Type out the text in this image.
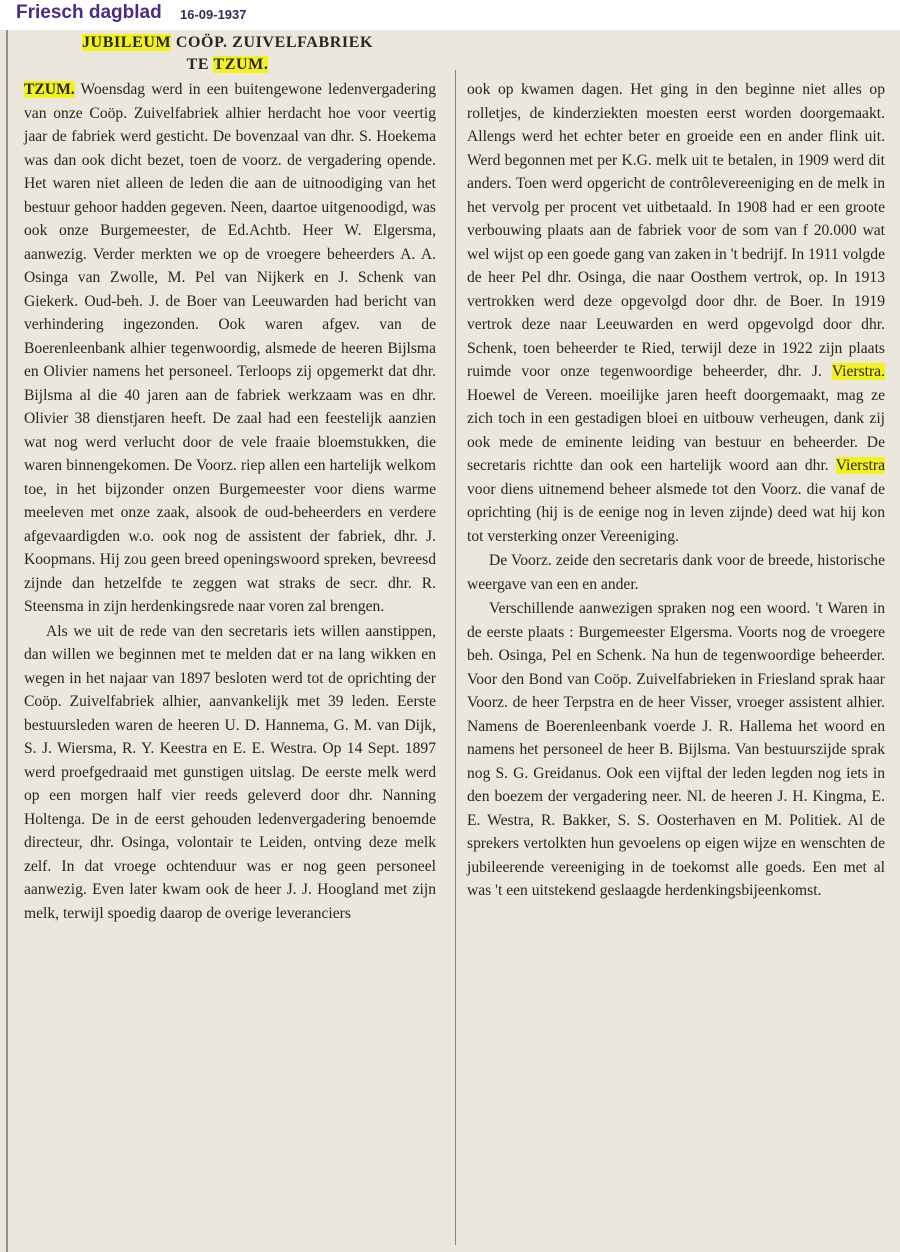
Friesch dagblad 16-09-1937
JUBILEUM COÖP. ZUIVELFABRIEK
TE TZUM.

TZUM. Woensdag werd in een buitengewone ledenvergadering van onze Coöp. Zuivelfabriek alhier herdacht hoe voor veertig jaar de fabriek werd gesticht. De bovenzaal van dhr. S. Hoekema was dan ook dicht bezet, toen de voorz. de vergadering opende. Het waren niet alleen de leden die aan de uitnoodiging van het bestuur gehoor hadden gegeven. Neen, daartoe uitgenoodigd, was ook onze Burgemeester, de Ed.Achtb. Heer W. Elgersma, aanwezig. Verder merkten we op de vroegere beheerders A. A. Osinga van Zwolle, M. Pel van Nijkerk en J. Schenk van Giekerk. Oud-beh. J. de Boer van Leeuwarden had bericht van verhindering ingezonden. Ook waren afgev. van de Boerenleenbank alhier tegenwoordig, alsmede de heeren Bijlsma en Olivier namens het personeel. Terloops zij opgemerkt dat dhr. Bijlsma al die 40 jaren aan de fabriek werkzaam was en dhr. Olivier 38 dienstjaren heeft. De zaal had een feestelijk aanzien wat nog werd verlucht door de vele fraaie bloemstukken, die waren binnengekomen. De Voorz. riep allen een hartelijk welkom toe, in het bijzonder onzen Burgemeester voor diens warme meeleven met onze zaak, alsook de oud-beheerders en verdere afgevaardigden w.o. ook nog de assistent der fabriek, dhr. J. Koopmans. Hij zou geen breed openingswoord spreken, bevreesd zijnde dan hetzelfde te zeggen wat straks de secr. dhr. R. Steensma in zijn herdenkingsrede naar voren zal brengen.

Als we uit de rede van den secretaris iets willen aanstippen, dan willen we beginnen met te melden dat er na lang wikken en wegen in het najaar van 1897 besloten werd tot de oprichting der Coöp. Zuivelfabriek alhier, aanvankelijk met 39 leden. Eerste bestuursleden waren de heeren U. D. Hannema, G. M. van Dijk, S. J. Wiersma, R. Y. Keestra en E. E. Westra. Op 14 Sept. 1897 werd proefgedraaid met gunstigen uitslag. De eerste melk werd op een morgen half vier reeds geleverd door dhr. Nanning Holtenga. De in de eerst gehouden ledenvergadering benoemde directeur, dhr. Osinga, volontair te Leiden, ontving deze melk zelf. In dat vroege ochtenduur was er nog geen personeel aanwezig. Even later kwam ook de heer J. J. Hoogland met zijn melk, terwijl spoedig daarop de overige leveranciers

ook op kwamen dagen. Het ging in den beginne niet alles op rolletjes, de kinderziekten moesten eerst worden doorgemaakt. Allengs werd het echter beter en groeide een en ander flink uit. Werd begonnen met per K.G. melk uit te betalen, in 1909 werd dit anders. Toen werd opgericht de contrôlevereeniging en de melk in het vervolg per procent vet uitbetaald. In 1908 had er een groote verbouwing plaats aan de fabriek voor de som van f 20.000 wat wel wijst op een goede gang van zaken in 't bedrijf. In 1911 volgde de heer Pel dhr. Osinga, die naar Oosthem vertrok, op. In 1913 vertrokken werd deze opgevolgd door dhr. de Boer. In 1919 vertrok deze naar Leeuwarden en werd opgevolgd door dhr. Schenk, toen beheerder te Ried, terwijl deze in 1922 zijn plaats ruimde voor onze tegenwoordige beheerder, dhr. J. Vierstra. Hoewel de Vereen. moeilijke jaren heeft doorgemaakt, mag ze zich toch in een gestadigen bloei en uitbouw verheugen, dank zij ook mede de eminente leiding van bestuur en beheerder. De secretaris richtte dan ook een hartelijk woord aan dhr. Vierstra voor diens uitnemend beheer alsmede tot den Voorz. die vanaf de oprichting (hij is de eenige nog in leven zijnde) deed wat hij kon tot versterking onzer Vereeniging.

De Voorz. zeide den secretaris dank voor de breede, historische weergave van een en ander.

Verschillende aanwezigen spraken nog een woord. 't Waren in de eerste plaats : Burgemeester Elgersma. Voorts nog de vroegere beh. Osinga, Pel en Schenk. Na hun de tegenwoordige beheerder. Voor den Bond van Coöp. Zuivelfabrieken in Friesland sprak haar Voorz. de heer Terpstra en de heer Visser, vroeger assistent alhier. Namens de Boerenleenbank voerde J. R. Hallema het woord en namens het personeel de heer B. Bijlsma. Van bestuurszijde sprak nog S. G. Greidanus. Ook een vijftal der leden legden nog iets in den boezem der vergadering neer. Nl. de heeren J. H. Kingma, E. E. Westra, R. Bakker, S. S. Oosterhaven en M. Politiek. Al de sprekers vertolkten hun gevoelens op eigen wijze en wenschten de jubileerende vereeniging in de toekomst alle goeds. Een met al was 't een uitstekend geslaagde herdenkingsbijeenkomst.
